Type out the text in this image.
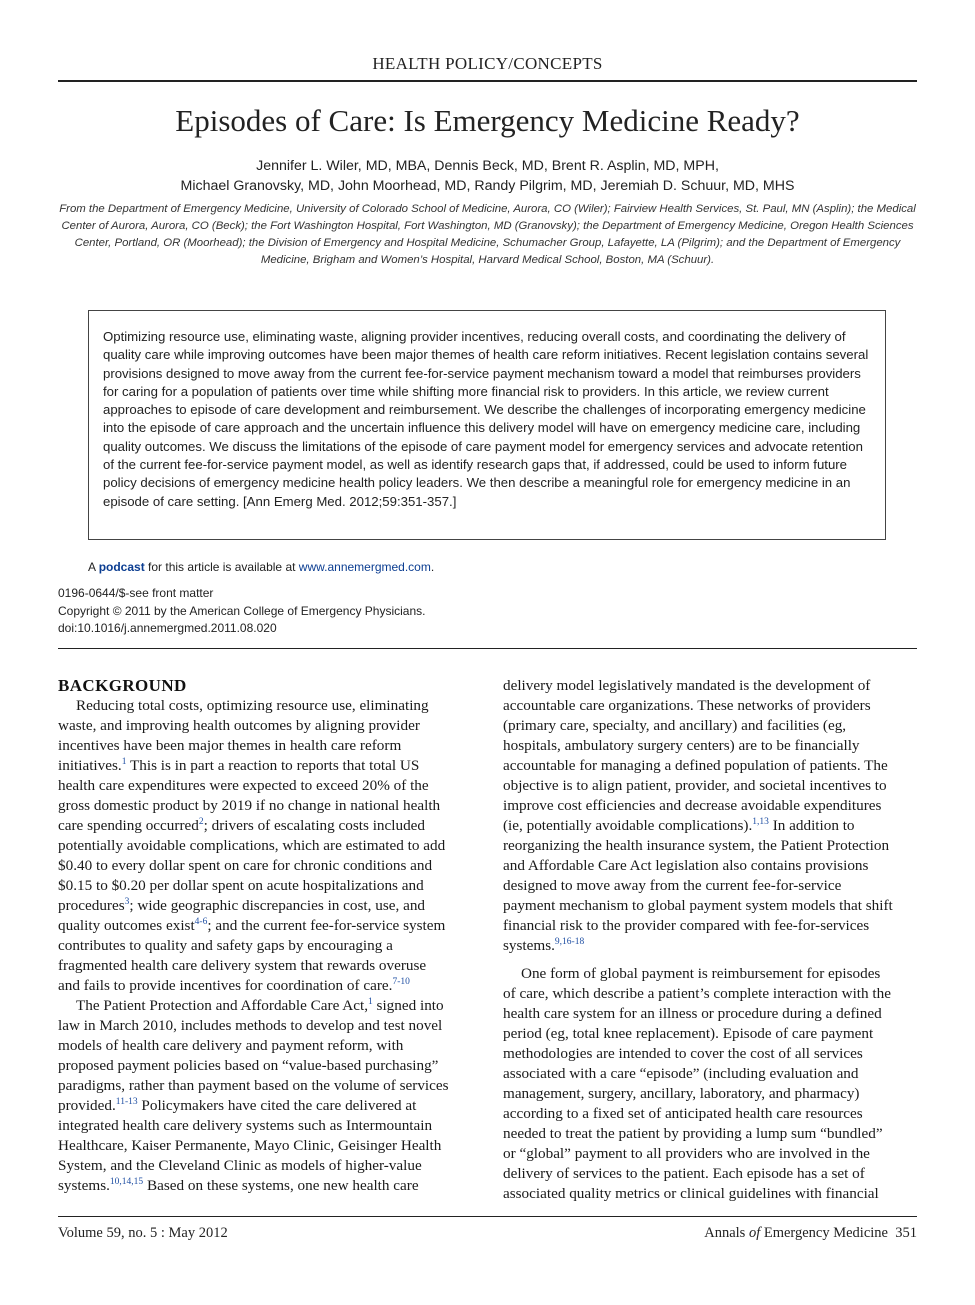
HEALTH POLICY/CONCEPTS
Episodes of Care: Is Emergency Medicine Ready?
Jennifer L. Wiler, MD, MBA, Dennis Beck, MD, Brent R. Asplin, MD, MPH,
Michael Granovsky, MD, John Moorhead, MD, Randy Pilgrim, MD, Jeremiah D. Schuur, MD, MHS
From the Department of Emergency Medicine, University of Colorado School of Medicine, Aurora, CO (Wiler); Fairview Health Services, St. Paul, MN (Asplin); the Medical Center of Aurora, Aurora, CO (Beck); the Fort Washington Hospital, Fort Washington, MD (Granovsky); the Department of Emergency Medicine, Oregon Health Sciences Center, Portland, OR (Moorhead); the Division of Emergency and Hospital Medicine, Schumacher Group, Lafayette, LA (Pilgrim); and the Department of Emergency Medicine, Brigham and Women’s Hospital, Harvard Medical School, Boston, MA (Schuur).
Optimizing resource use, eliminating waste, aligning provider incentives, reducing overall costs, and coordinating the delivery of quality care while improving outcomes have been major themes of health care reform initiatives. Recent legislation contains several provisions designed to move away from the current fee-for-service payment mechanism toward a model that reimburses providers for caring for a population of patients over time while shifting more financial risk to providers. In this article, we review current approaches to episode of care development and reimbursement. We describe the challenges of incorporating emergency medicine into the episode of care approach and the uncertain influence this delivery model will have on emergency medicine care, including quality outcomes. We discuss the limitations of the episode of care payment model for emergency services and advocate retention of the current fee-for-service payment model, as well as identify research gaps that, if addressed, could be used to inform future policy decisions of emergency medicine health policy leaders. We then describe a meaningful role for emergency medicine in an episode of care setting. [Ann Emerg Med. 2012;59:351-357.]
A podcast for this article is available at www.annemergmed.com.
0196-0644/$-see front matter
Copyright © 2011 by the American College of Emergency Physicians.
doi:10.1016/j.annemergmed.2011.08.020
BACKGROUND

Reducing total costs, optimizing resource use, eliminating waste, and improving health outcomes by aligning provider incentives have been major themes in health care reform initiatives.$^1$ This is in part a reaction to reports that total US health care expenditures were expected to exceed 20% of the gross domestic product by 2019 if no change in national health care spending occurred$^2$; drivers of escalating costs included potentially avoidable complications, which are estimated to add $0.40 to every dollar spent on care for chronic conditions and $0.15 to $0.20 per dollar spent on acute hospitalizations and procedures$^3$; wide geographic discrepancies in cost, use, and quality outcomes exist$^{4-6}$; and the current fee-for-service system contributes to quality and safety gaps by encouraging a fragmented health care delivery system that rewards overuse and fails to provide incentives for coordination of care.$^{7-10}$

The Patient Protection and Affordable Care Act,$^1$ signed into law in March 2010, includes methods to develop and test novel models of health care delivery and payment reform, with proposed payment policies based on “value-based purchasing” paradigms, rather than payment based on the volume of services provided.$^{11-13}$ Policymakers have cited the care delivered at integrated health care delivery systems such as Intermountain Healthcare, Kaiser Permanente, Mayo Clinic, Geisinger Health System, and the Cleveland Clinic as models of higher-value systems.$^{10,14,15}$ Based on these systems, one new health care

delivery model legislatively mandated is the development of accountable care organizations. These networks of providers (primary care, specialty, and ancillary) and facilities (eg, hospitals, ambulatory surgery centers) are to be financially accountable for managing a defined population of patients. The objective is to align patient, provider, and societal incentives to improve cost efficiencies and decrease avoidable expenditures (ie, potentially avoidable complications).$^{1,13}$ In addition to reorganizing the health insurance system, the Patient Protection and Affordable Care Act legislation also contains provisions designed to move away from the current fee-for-service payment mechanism to global payment system models that shift financial risk to the provider compared with fee-for-services systems.$^{9,16-18}$

One form of global payment is reimbursement for episodes of care, which describe a patient’s complete interaction with the health care system for an illness or procedure during a defined period (eg, total knee replacement). Episode of care payment methodologies are intended to cover the cost of all services associated with a care “episode” (including evaluation and management, surgery, ancillary, laboratory, and pharmacy) according to a fixed set of anticipated health care resources needed to treat the patient by providing a lump sum “bundled” or “global” payment to all providers who are involved in the delivery of services to the patient. Each episode has a set of associated quality metrics or clinical guidelines with financial

Volume 59, no. 5 : May 2012	Annals of Emergency Medicine 351
